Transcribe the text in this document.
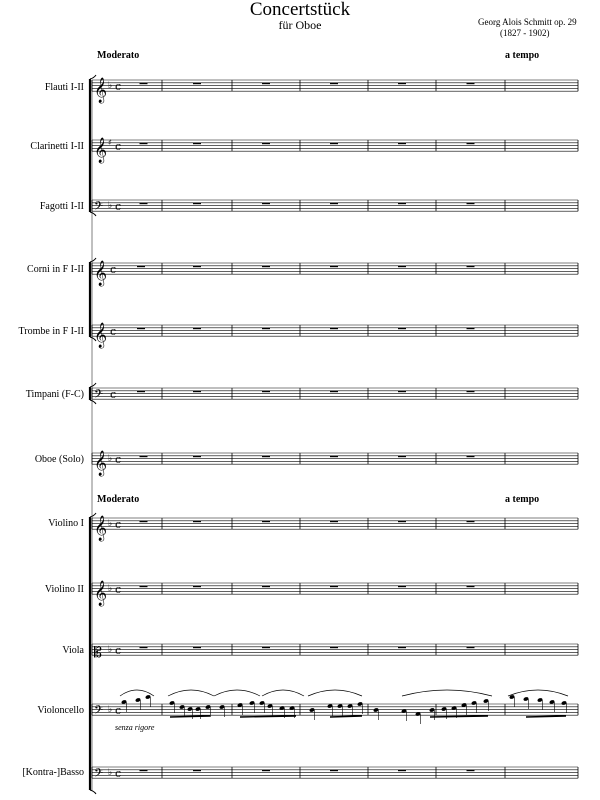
Concertstück
für Oboe	Georg Alois Schmitt op. 29
(1827 - 1902)
Moderato	a tempo
Moderato	a tempo
Flauti I-II
Clarinetti I-II
Fagotti I-II
Corni in F I-II
Trombe in F I-II
Timpani (F-C)
Oboe (Solo)
Violino I
Violino II
Viola
Violoncello
[Kontra-]Basso
senza rigore
𝄞 ♭ c
𝄞 ♯ c
𝄢 ♭ c
𝄞 c
𝄞 c
𝄢 c
𝄞 ♭ c
𝄞 ♭ c
𝄞 ♭ c
𝄡 ♭ c
𝄢 ♭ c
𝄢 ♭ c
